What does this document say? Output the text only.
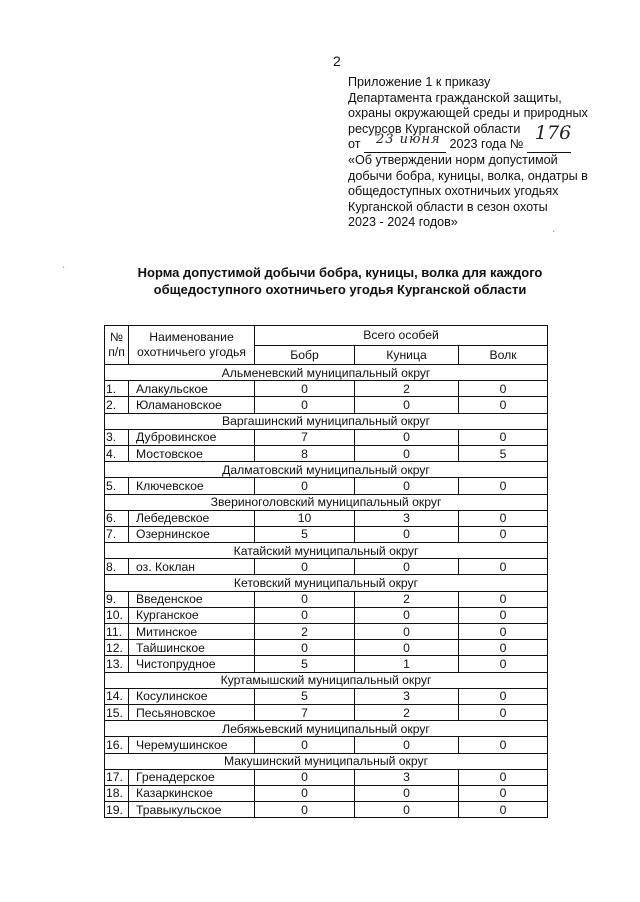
2
Приложение 1 к приказу
Департамента гражданской защиты,
охраны окружающей среды и природных
ресурсов Курганской области
от 23 июня 2023 года №
176
«Об утверждении норм допустимой
добычи бобра, куницы, волка, ондатры в
общедоступных охотничьих угодьях
Курганской области в сезон охоты
2023 - 2024 годов»
·
·
Норма допустимой добычи бобра, куницы, волка для каждого
общедоступного охотничьего угодья Курганской области
№ п/п	Наименование охотничьего угодья	Всего особей		
		Бобр	Куница	Волк
Альменевский муниципальный округ				
1.	Алакульское	0	2	0
2.	Юламановское	0	0	0
Варгашинский муниципальный округ				
3.	Дубровинское	7	0	0
4.	Мостовское	8	0	5
Далматовский муниципальный округ				
5.	Ключевское	0	0	0
Звериноголовский муниципальный округ				
6.	Лебедевское	10	3	0
7.	Озернинское	5	0	0
Катайский муниципальный округ				
8.	оз. Коклан	0	0	0
Кетовский муниципальный округ				
9.	Введенское	0	2	0
10.	Курганское	0	0	0
11.	Митинское	2	0	0
12.	Тайшинское	0	0	0
13.	Чистопрудное	5	1	0
Куртамышский муниципальный округ				
14.	Косулинское	5	3	0
15.	Песьяновское	7	2	0
Лебяжьевский муниципальный округ				
16.	Черемушинское	0	0	0
Макушинский муниципальный округ				
17.	Гренадерское	0	3	0
18.	Казаркинское	0	0	0
19.	Травыкульское	0	0	0
